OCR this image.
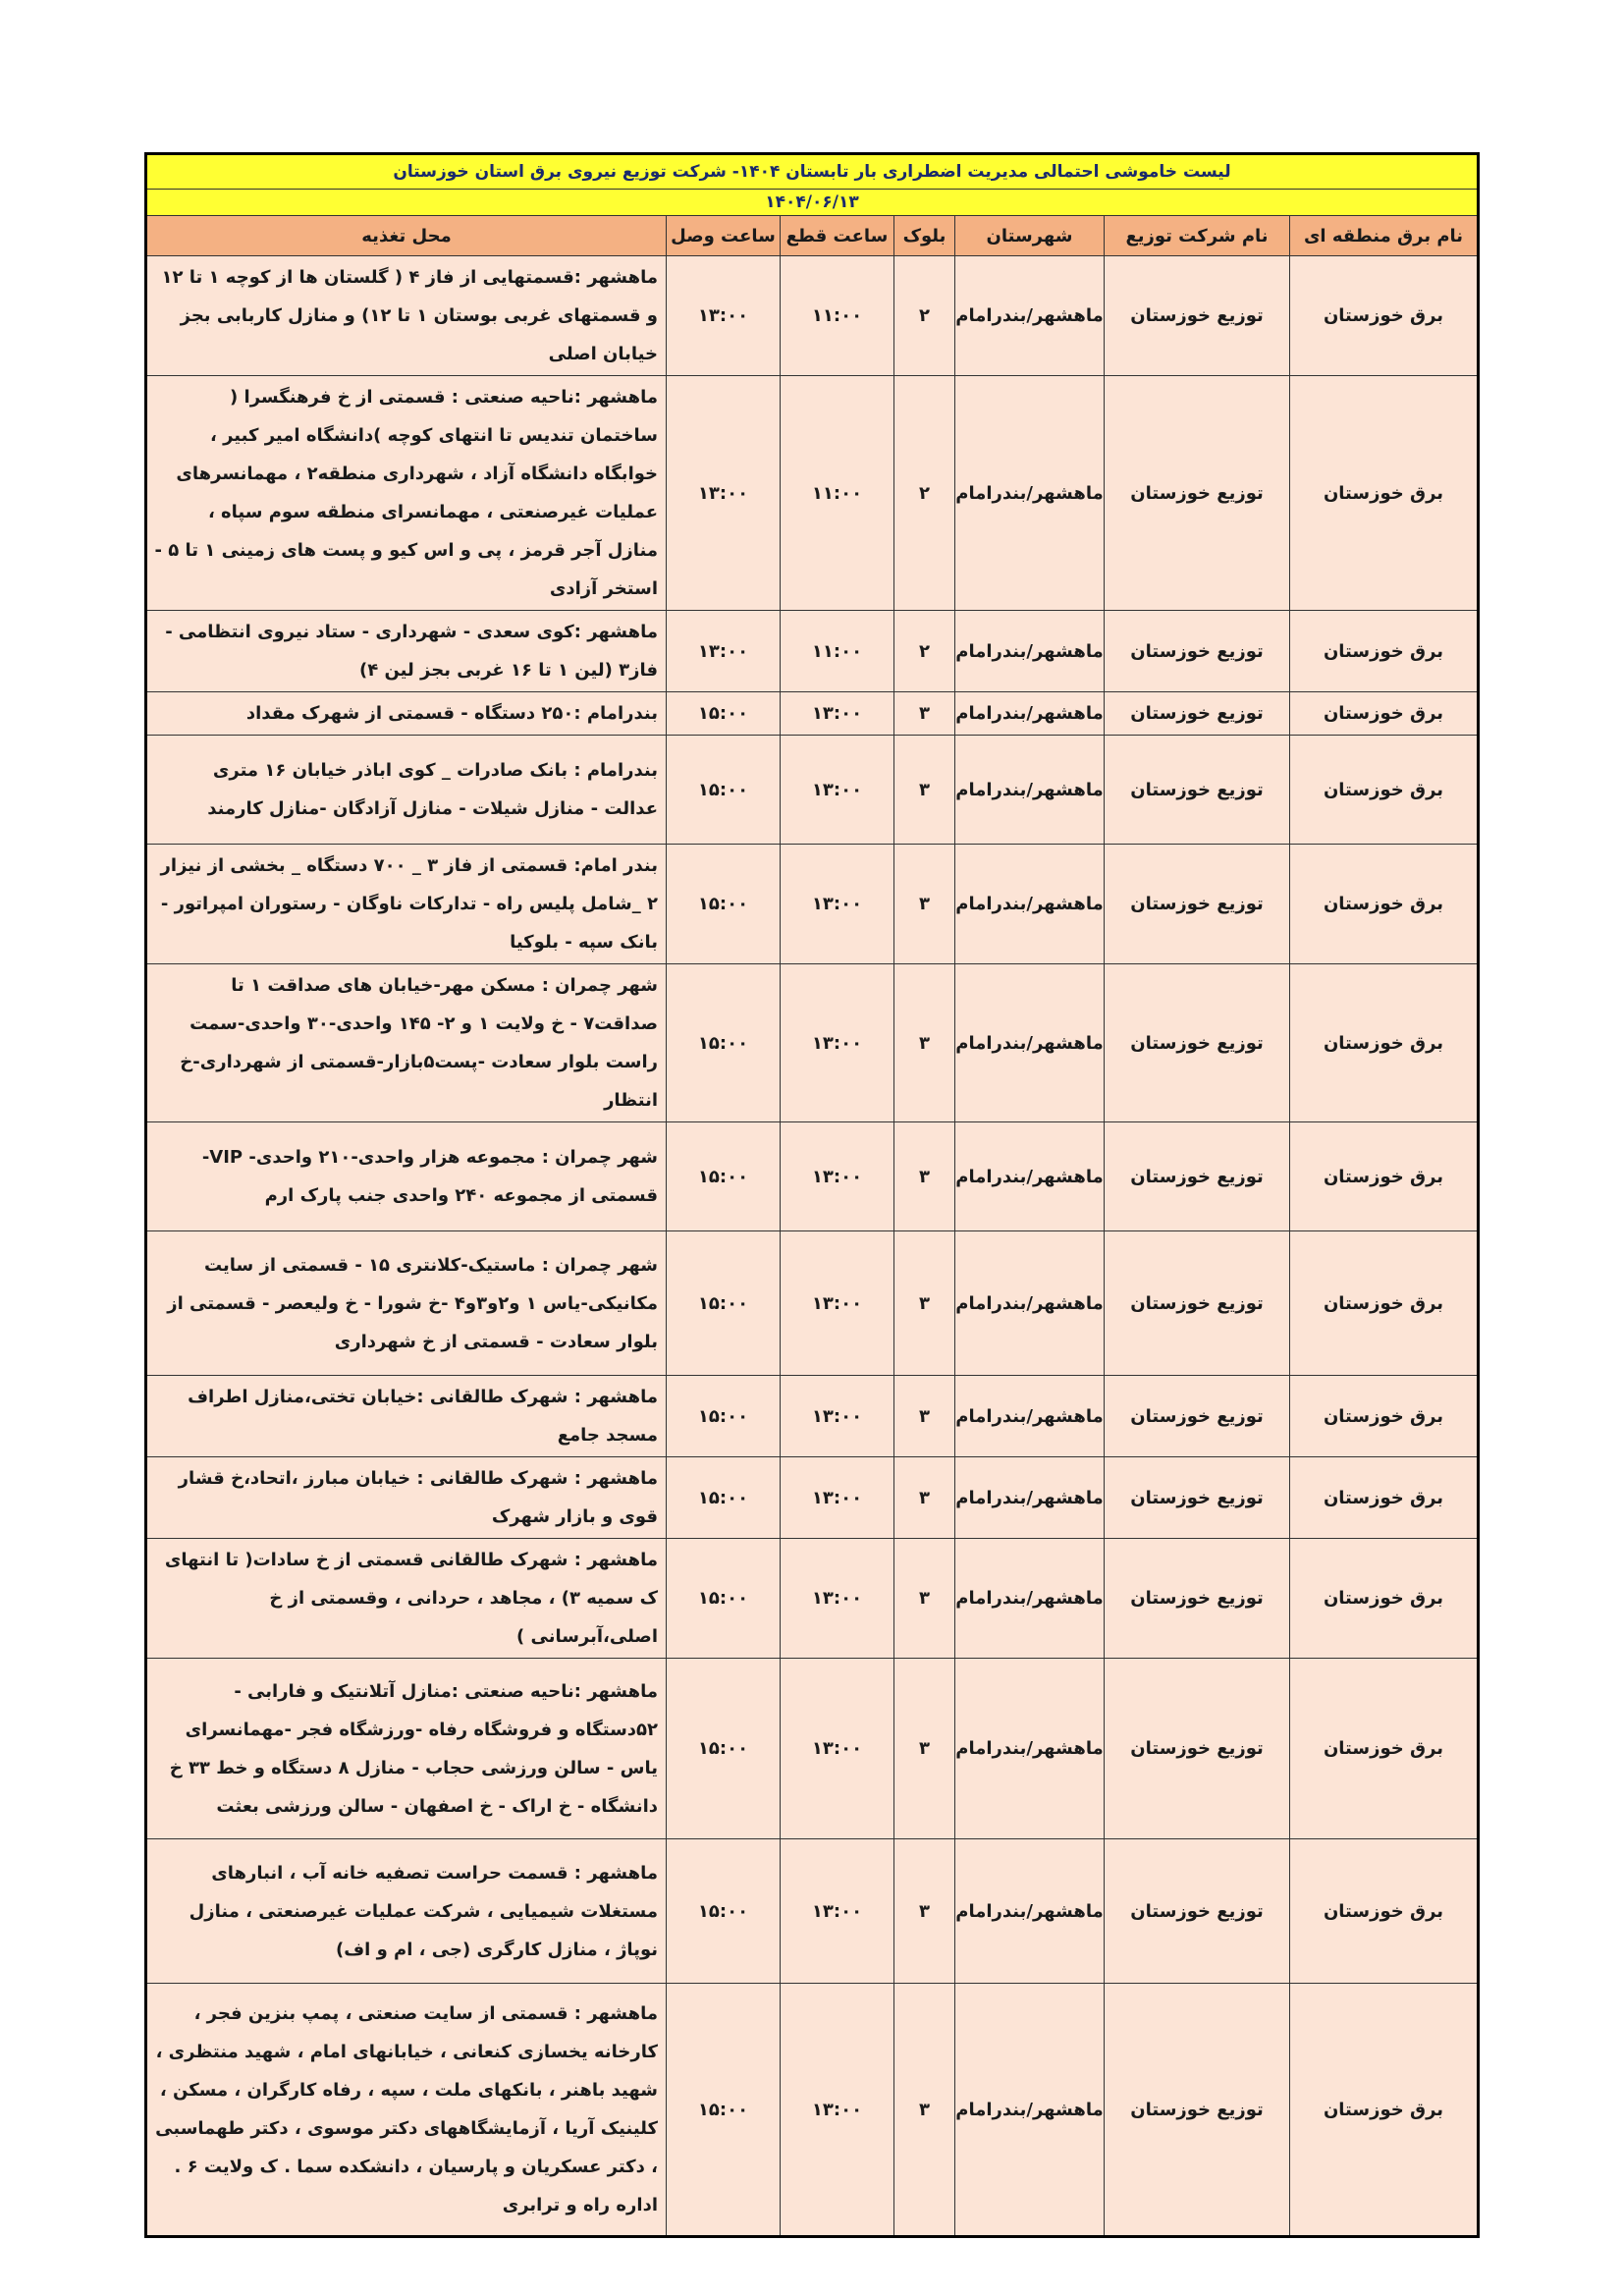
لیست خاموشی احتمالی مدیریت اضطراری بار تابستان ۱۴۰۴- شرکت توزیع نیروی برق استان خوزستان						
۱۴۰۴/۰۶/۱۳						
نام برق منطقه ای	نام شرکت توزیع	شهرستان	بلوک	ساعت قطع	ساعت وصل	محل تغذیه
برق خوزستان	توزیع خوزستان	ماهشهر/بندرامام	۲	۱۱:۰۰	۱۳:۰۰	ماهشهر :قسمتهایی از فاز ۴ ( گلستان ها از کوچه ۱ تا ۱۲ و قسمتهای غربی بوستان ۱ تا ۱۲) و منازل کاربابی بجز خیابان اصلی
برق خوزستان	توزیع خوزستان	ماهشهر/بندرامام	۲	۱۱:۰۰	۱۳:۰۰	ماهشهر :ناحیه صنعتی : قسمتی از خ فرهنگسرا ( ساختمان تندیس تا انتهای کوچه )دانشگاه امیر کبیر ، خوابگاه دانشگاه آزاد ، شهرداری منطقه۲ ، مهمانسرهای عملیات غیرصنعتی ، مهمانسرای منطقه سوم سپاه ، منازل آجر قرمز ، پی و اس کیو و پست های زمینی ۱ تا ۵ - استخر آزادی
برق خوزستان	توزیع خوزستان	ماهشهر/بندرامام	۲	۱۱:۰۰	۱۳:۰۰	ماهشهر :کوی سعدی - شهرداری - ستاد نیروی انتظامی - فاز۳ (لین ۱ تا ۱۶ غربی بجز لین ۴)
برق خوزستان	توزیع خوزستان	ماهشهر/بندرامام	۳	۱۳:۰۰	۱۵:۰۰	بندرامام :۲۵۰ دستگاه - قسمتی از شهرک مقداد
برق خوزستان	توزیع خوزستان	ماهشهر/بندرامام	۳	۱۳:۰۰	۱۵:۰۰	بندرامام : بانک صادرات _ کوی اباذر خیابان ۱۶ متری عدالت - منازل شیلات - منازل آزادگان -منازل کارمند
برق خوزستان	توزیع خوزستان	ماهشهر/بندرامام	۳	۱۳:۰۰	۱۵:۰۰	بندر امام: قسمتی از فاز ۳ _ ۷۰۰ دستگاه _ بخشی از نیزار ۲ _شامل پلیس راه - تدارکات ناوگان - رستوران امپراتور - بانک سپه - بلوکیا
برق خوزستان	توزیع خوزستان	ماهشهر/بندرامام	۳	۱۳:۰۰	۱۵:۰۰	شهر چمران : مسکن مهر-خیابان های صداقت ۱ تا صداقت۷ - خ ولایت ۱ و ۲- ۱۴۵ واحدی-۳۰ واحدی-سمت راست بلوار سعادت -پست۵بازار-قسمتی از شهرداری-خ انتظار
برق خوزستان	توزیع خوزستان	ماهشهر/بندرامام	۳	۱۳:۰۰	۱۵:۰۰	شهر چمران : مجموعه هزار واحدی-۲۱۰ واحدی- VIP-قسمتی از مجموعه ۲۴۰ واحدی جنب پارک ارم
برق خوزستان	توزیع خوزستان	ماهشهر/بندرامام	۳	۱۳:۰۰	۱۵:۰۰	شهر چمران : ماستیک-کلانتری ۱۵ - قسمتی از سایت مکانیکی-یاس ۱ و۲و۳و۴ -خ شورا - خ ولیعصر - قسمتی از بلوار سعادت - قسمتی از خ شهرداری
برق خوزستان	توزیع خوزستان	ماهشهر/بندرامام	۳	۱۳:۰۰	۱۵:۰۰	ماهشهر : شهرک طالقانی :خیابان تختی،منازل اطراف مسجد جامع
برق خوزستان	توزیع خوزستان	ماهشهر/بندرامام	۳	۱۳:۰۰	۱۵:۰۰	ماهشهر : شهرک طالقانی : خیابان مبارز ،اتحاد،خ قشار قوی و بازار شهرک
برق خوزستان	توزیع خوزستان	ماهشهر/بندرامام	۳	۱۳:۰۰	۱۵:۰۰	ماهشهر : شهرک طالقانی قسمتی از خ سادات( تا انتهای ک سمیه ۳) ، مجاهد ، حردانی ، وقسمتی از خ اصلی،آبرسانی )
برق خوزستان	توزیع خوزستان	ماهشهر/بندرامام	۳	۱۳:۰۰	۱۵:۰۰	ماهشهر :ناحیه صنعتی :منازل آتلانتیک و فارابی - ۵۲دستگاه و فروشگاه رفاه -ورزشگاه فجر -مهمانسرای یاس - سالن ورزشی حجاب - منازل ۸ دستگاه و خط ۳۳ خ دانشگاه - خ اراک - خ اصفهان - سالن ورزشی بعثت
برق خوزستان	توزیع خوزستان	ماهشهر/بندرامام	۳	۱۳:۰۰	۱۵:۰۰	ماهشهر : قسمت حراست تصفیه خانه آب ، انبارهای مستغلات شیمیایی ، شرکت عملیات غیرصنعتی ، منازل نوپاژ ، منازل کارگری (جی ، ام و اف)
برق خوزستان	توزیع خوزستان	ماهشهر/بندرامام	۳	۱۳:۰۰	۱۵:۰۰	ماهشهر : قسمتی از سایت صنعتی ، پمپ بنزین فجر ، کارخانه یخسازی کنعانی ، خیابانهای امام ، شهید منتظری ، شهید باهنر ، بانکهای ملت ، سپه ، رفاه کارگران ، مسکن ، کلینیک آریا ، آزمایشگاههای دکتر موسوی ، دکتر طهماسبی ، دکتر عسکریان و پارسیان ، دانشکده سما . ک ولایت ۶ . اداره راه و ترابری
